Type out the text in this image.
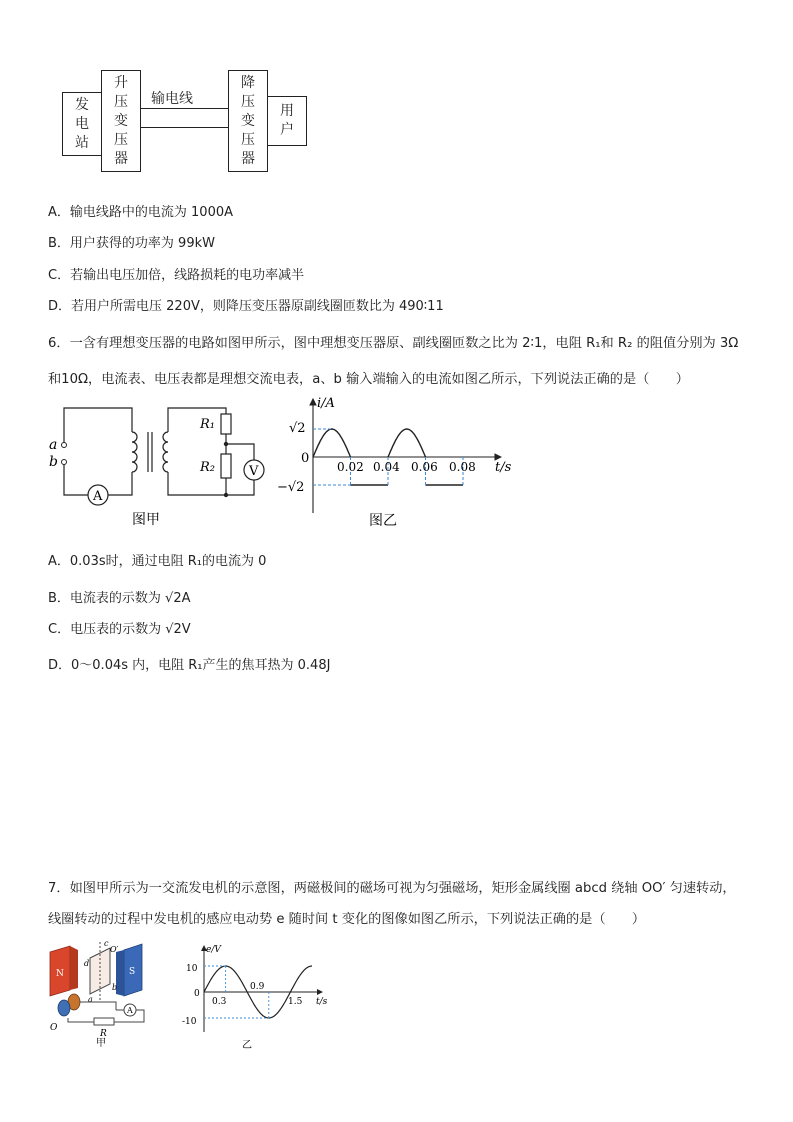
发电站
升压变压器
输电线
降压变压器
用户
A．输电线路中的电流为 1000A
B．用户获得的功率为 99kW
C．若输出电压加倍，线路损耗的电功率减半
D．若用户所需电压 220V，则降压变压器原副线圈匝数比为 490∶11
6．一含有理想变压器的电路如图甲所示，图中理想变压器原、副线圈匝数之比为 2∶1，电阻 R₁和 R₂ 的阻值分别为 3Ω
和10Ω，电流表、电压表都是理想交流电表，a、b 输入端输入的电流如图乙所示，下列说法正确的是（　　）
A
V
a
b
R₁
R₂
图甲
i/A
t/s
0
√2
−√2
0.02 0.04 0.06 0.08
图乙
A．0.03s时，通过电阻 R₁的电流为 0
B．电流表的示数为 √2A
C．电压表的示数为 √2V
D．0～0.04s 内，电阻 R₁产生的焦耳热为 0.48J
7．如图甲所示为一交流发电机的示意图，两磁极间的磁场可视为匀强磁场，矩形金属线圈 abcd 绕轴 OO′ 匀速转动，
线圈转动的过程中发电机的感应电动势 e 随时间 t 变化的图像如图乙所示，下列说法正确的是（　　）
N	S
c
d
b
a
O′
O
A
R
甲
e/V
t/s
0
10
-10
0.3
0.9
1.5
乙
